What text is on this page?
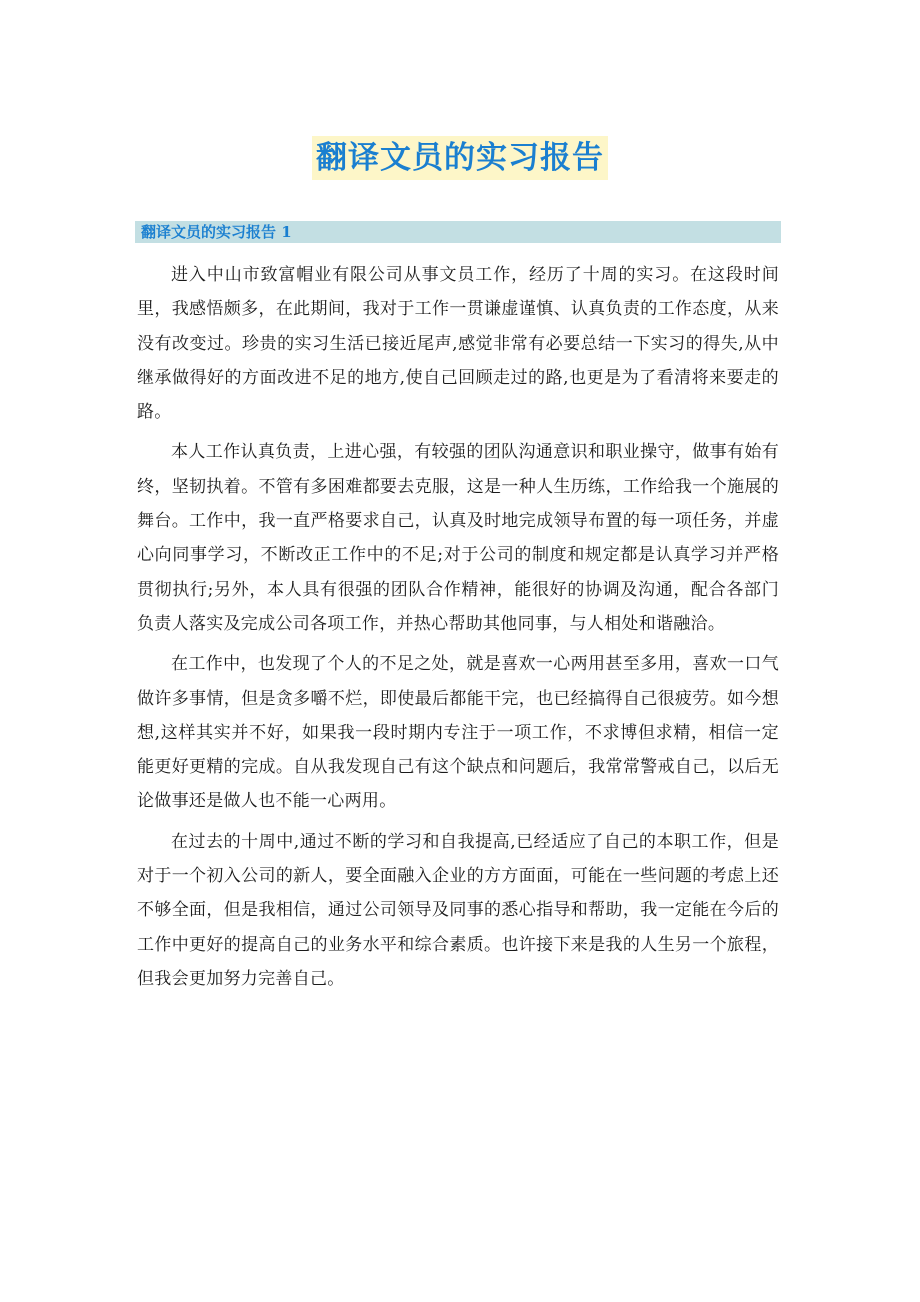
翻译文员的实习报告
翻译文员的实习报告 1

进入中山市致富帽业有限公司从事文员工作，经历了十周的实习。在这段时间里，我感悟颇多，在此期间，我对于工作一贯谦虚谨慎、认真负责的工作态度，从来没有改变过。珍贵的实习生活已接近尾声,感觉非常有必要总结一下实习的得失,从中继承做得好的方面改进不足的地方,使自己回顾走过的路,也更是为了看清将来要走的路。

本人工作认真负责，上进心强，有较强的团队沟通意识和职业操守，做事有始有终，坚韧执着。不管有多困难都要去克服，这是一种人生历练，工作给我一个施展的舞台。工作中，我一直严格要求自己，认真及时地完成领导布置的每一项任务，并虚心向同事学习，不断改正工作中的不足;对于公司的制度和规定都是认真学习并严格贯彻执行;另外，本人具有很强的团队合作精神，能很好的协调及沟通，配合各部门负责人落实及完成公司各项工作，并热心帮助其他同事，与人相处和谐融洽。

在工作中，也发现了个人的不足之处，就是喜欢一心两用甚至多用，喜欢一口气做许多事情，但是贪多嚼不烂，即使最后都能干完，也已经搞得自己很疲劳。如今想想,这样其实并不好，如果我一段时期内专注于一项工作，不求博但求精，相信一定能更好更精的完成。自从我发现自己有这个缺点和问题后，我常常警戒自己，以后无论做事还是做人也不能一心两用。

在过去的十周中,通过不断的学习和自我提高,已经适应了自己的本职工作，但是对于一个初入公司的新人，要全面融入企业的方方面面，可能在一些问题的考虑上还不够全面，但是我相信，通过公司领导及同事的悉心指导和帮助，我一定能在今后的工作中更好的提高自己的业务水平和综合素质。也许接下来是我的人生另一个旅程，但我会更加努力完善自己。
